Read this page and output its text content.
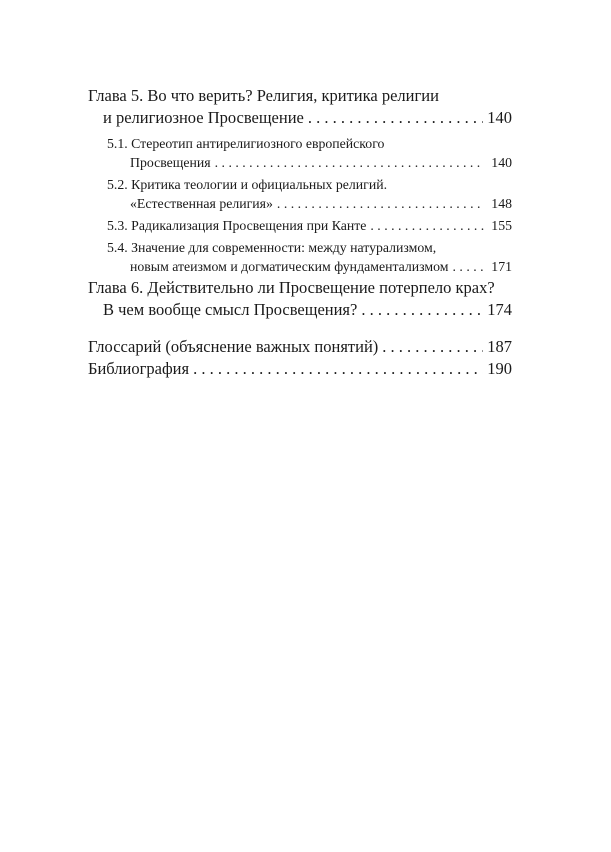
Глава 5. Во что верить? Религия, критика религии
и религиозное Просвещение . . .	140
5.1. Стереотип антирелигиозного европейского
Просвещения . . .	140
5.2. Критика теологии и официальных религий.
«Естественная религия» . . .	148
5.3. Радикализация Просвещения при Канте . . .	155
5.4. Значение для современности: между натурализмом,
новым атеизмом и догматическим фундаментализмом . . .	171
Глава 6. Действительно ли Просвещение потерпело крах?
В чем вообще смысл Просвещения? . . .	174
Глоссарий (объяснение важных понятий) . . .	187
Библиография . . .	190
